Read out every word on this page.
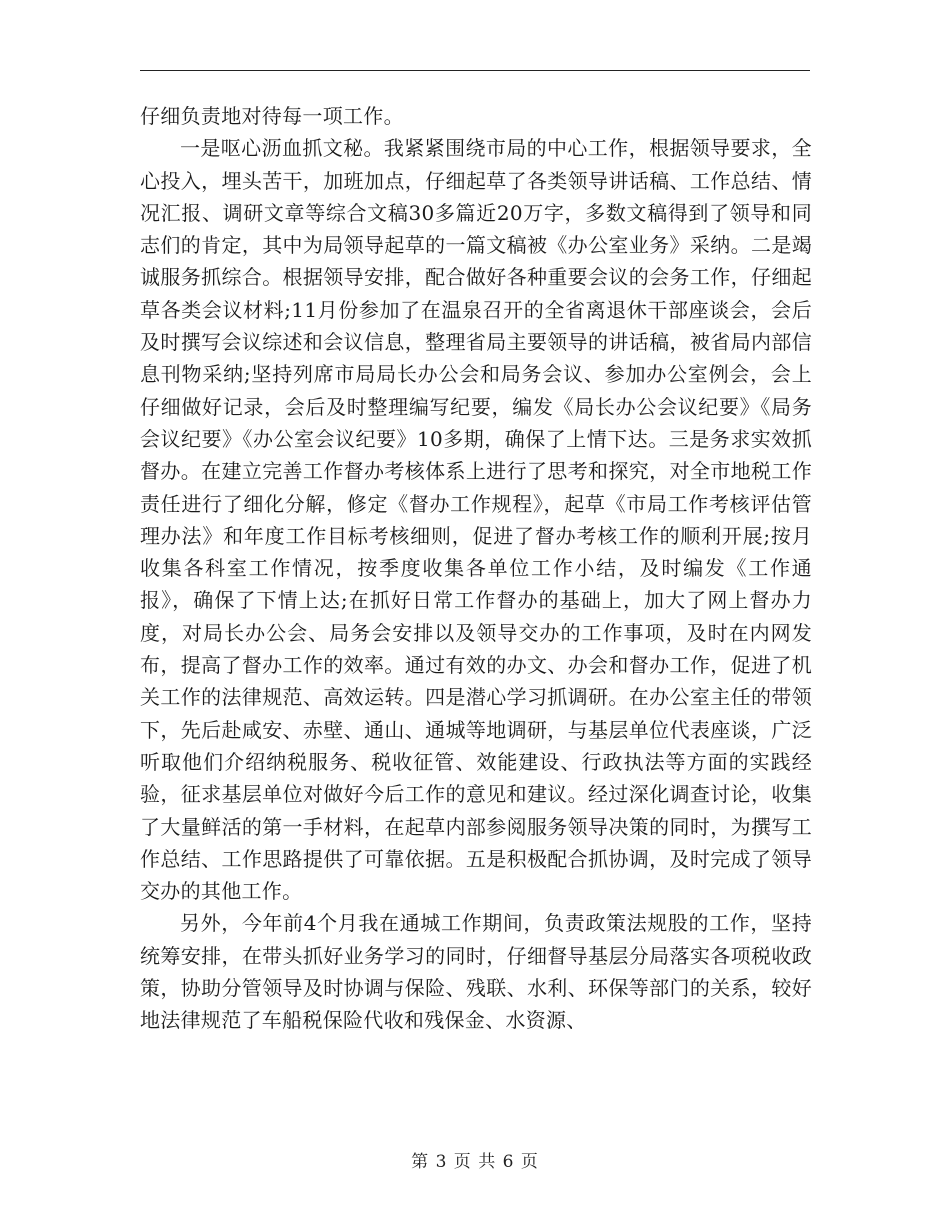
仔细负责地对待每一项工作。

一是呕心沥血抓文秘。我紧紧围绕市局的中心工作，根据领导要求，全心投入，埋头苦干，加班加点，仔细起草了各类领导讲话稿、工作总结、情况汇报、调研文章等综合文稿30多篇近20万字，多数文稿得到了领导和同志们的肯定，其中为局领导起草的一篇文稿被《办公室业务》采纳。二是竭诚服务抓综合。根据领导安排，配合做好各种重要会议的会务工作，仔细起草各类会议材料;11月份参加了在温泉召开的全省离退休干部座谈会，会后及时撰写会议综述和会议信息，整理省局主要领导的讲话稿，被省局内部信息刊物采纳;坚持列席市局局长办公会和局务会议、参加办公室例会，会上仔细做好记录，会后及时整理编写纪要，编发《局长办公会议纪要》《局务会议纪要》《办公室会议纪要》10多期，确保了上情下达。三是务求实效抓督办。在建立完善工作督办考核体系上进行了思考和探究，对全市地税工作责任进行了细化分解，修定《督办工作规程》，起草《市局工作考核评估管理办法》和年度工作目标考核细则，促进了督办考核工作的顺利开展;按月收集各科室工作情况，按季度收集各单位工作小结，及时编发《工作通报》，确保了下情上达;在抓好日常工作督办的基础上，加大了网上督办力度，对局长办公会、局务会安排以及领导交办的工作事项，及时在内网发布，提高了督办工作的效率。通过有效的办文、办会和督办工作，促进了机关工作的法律规范、高效运转。四是潜心学习抓调研。在办公室主任的带领下，先后赴咸安、赤壁、通山、通城等地调研，与基层单位代表座谈，广泛听取他们介绍纳税服务、税收征管、效能建设、行政执法等方面的实践经验，征求基层单位对做好今后工作的意见和建议。经过深化调查讨论，收集了大量鲜活的第一手材料，在起草内部参阅服务领导决策的同时，为撰写工作总结、工作思路提供了可靠依据。五是积极配合抓协调，及时完成了领导交办的其他工作。

另外，今年前4个月我在通城工作期间，负责政策法规股的工作，坚持统筹安排，在带头抓好业务学习的同时，仔细督导基层分局落实各项税收政策，协助分管领导及时协调与保险、残联、水利、环保等部门的关系，较好地法律规范了车船税保险代收和残保金、水资源、

第 3 页 共 6 页
